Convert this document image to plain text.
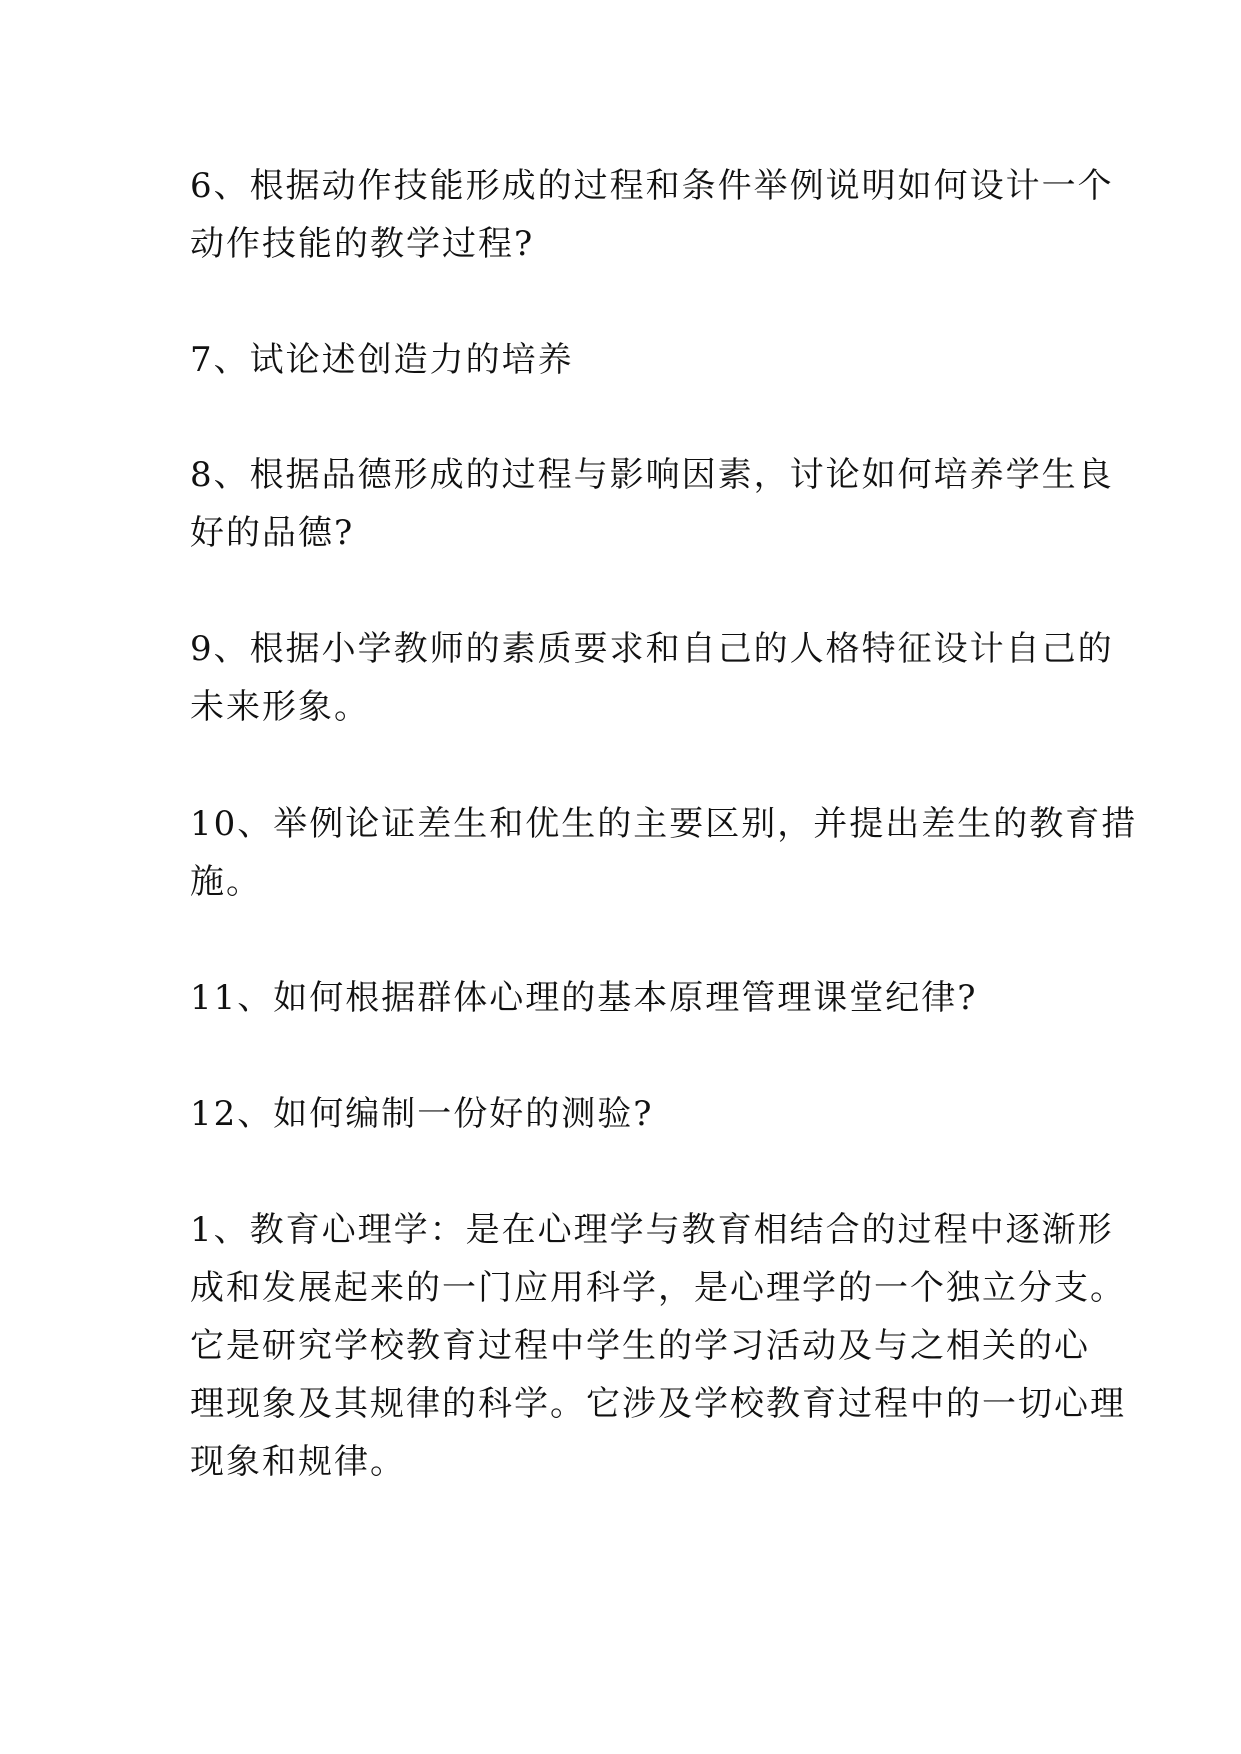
6、根据动作技能形成的过程和条件举例说明如何设计一个
动作技能的教学过程?
7、试论述创造力的培养
8、根据品德形成的过程与影响因素，讨论如何培养学生良
好的品德?
9、根据小学教师的素质要求和自己的人格特征设计自己的
未来形象。
10、举例论证差生和优生的主要区别，并提出差生的教育措
施。
11、如何根据群体心理的基本原理管理课堂纪律?
12、如何编制一份好的测验?
1、教育心理学：是在心理学与教育相结合的过程中逐渐形
成和发展起来的一门应用科学，是心理学的一个独立分支。
它是研究学校教育过程中学生的学习活动及与之相关的心
理现象及其规律的科学。它涉及学校教育过程中的一切心理
现象和规律。
